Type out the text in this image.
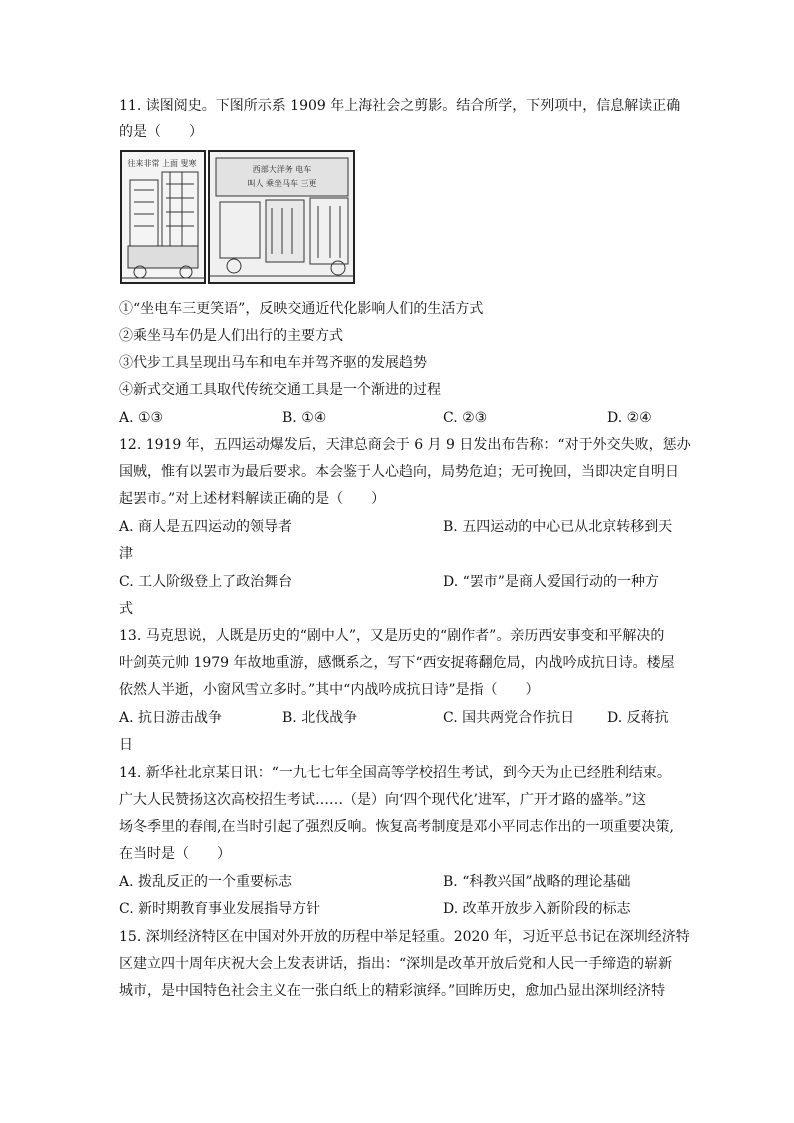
11. 读图阅史。下图所示系 1909 年上海社会之剪影。结合所学，下列项中，信息解读正确
的是（　　）
往来非常 上面 叟寒
西部大洋务 电车
叫人 乘坐马车 三更
①“坐电车三更笑语”，反映交通近代化影响人们的生活方式
②乘坐马车仍是人们出行的主要方式
③代步工具呈现出马车和电车并驾齐驱的发展趋势
④新式交通工具取代传统交通工具是一个渐进的过程
A. ①③	B. ①④	C. ②③	D. ②④
12. 1919 年，五四运动爆发后，天津总商会于 6 月 9 日发出布告称：“对于外交失败，惩办
国贼，惟有以罢市为最后要求。本会鉴于人心趋向，局势危迫；无可挽回，当即决定自明日
起罢市。”对上述材料解读正确的是（　　）
A. 商人是五四运动的领导者	B. 五四运动的中心已从北京转移到天
津
C. 工人阶级登上了政治舞台	D. “罢市”是商人爱国行动的一种方
式
13. 马克思说，人既是历史的“剧中人”，又是历史的“剧作者”。亲历西安事变和平解决的
叶剑英元帅 1979 年故地重游，感慨系之，写下“西安捉蒋翻危局，内战吟成抗日诗。楼屋
依然人半逝，小窗风雪立多时。”其中“内战吟成抗日诗”是指（　　）
A. 抗日游击战争	B. 北伐战争	C. 国共两党合作抗日 D. 反蒋抗
日
14. 新华社北京某日讯：“一九七七年全国高等学校招生考试，到今天为止已经胜利结束。
广大人民赞扬这次高校招生考试……（是）向‘四个现代化’进军，广开才路的盛举。”这
场冬季里的春闱,在当时引起了强烈反响。恢复高考制度是邓小平同志作出的一项重要决策,
在当时是（　　）
A. 拨乱反正的一个重要标志	B. “科教兴国”战略的理论基础
C. 新时期教育事业发展指导方针	D. 改革开放步入新阶段的标志
15. 深圳经济特区在中国对外开放的历程中举足轻重。2020 年，习近平总书记在深圳经济特
区建立四十周年庆祝大会上发表讲话，指出：“深圳是改革开放后党和人民一手缔造的崭新
城市，是中国特色社会主义在一张白纸上的精彩演绎。”回眸历史，愈加凸显出深圳经济特
